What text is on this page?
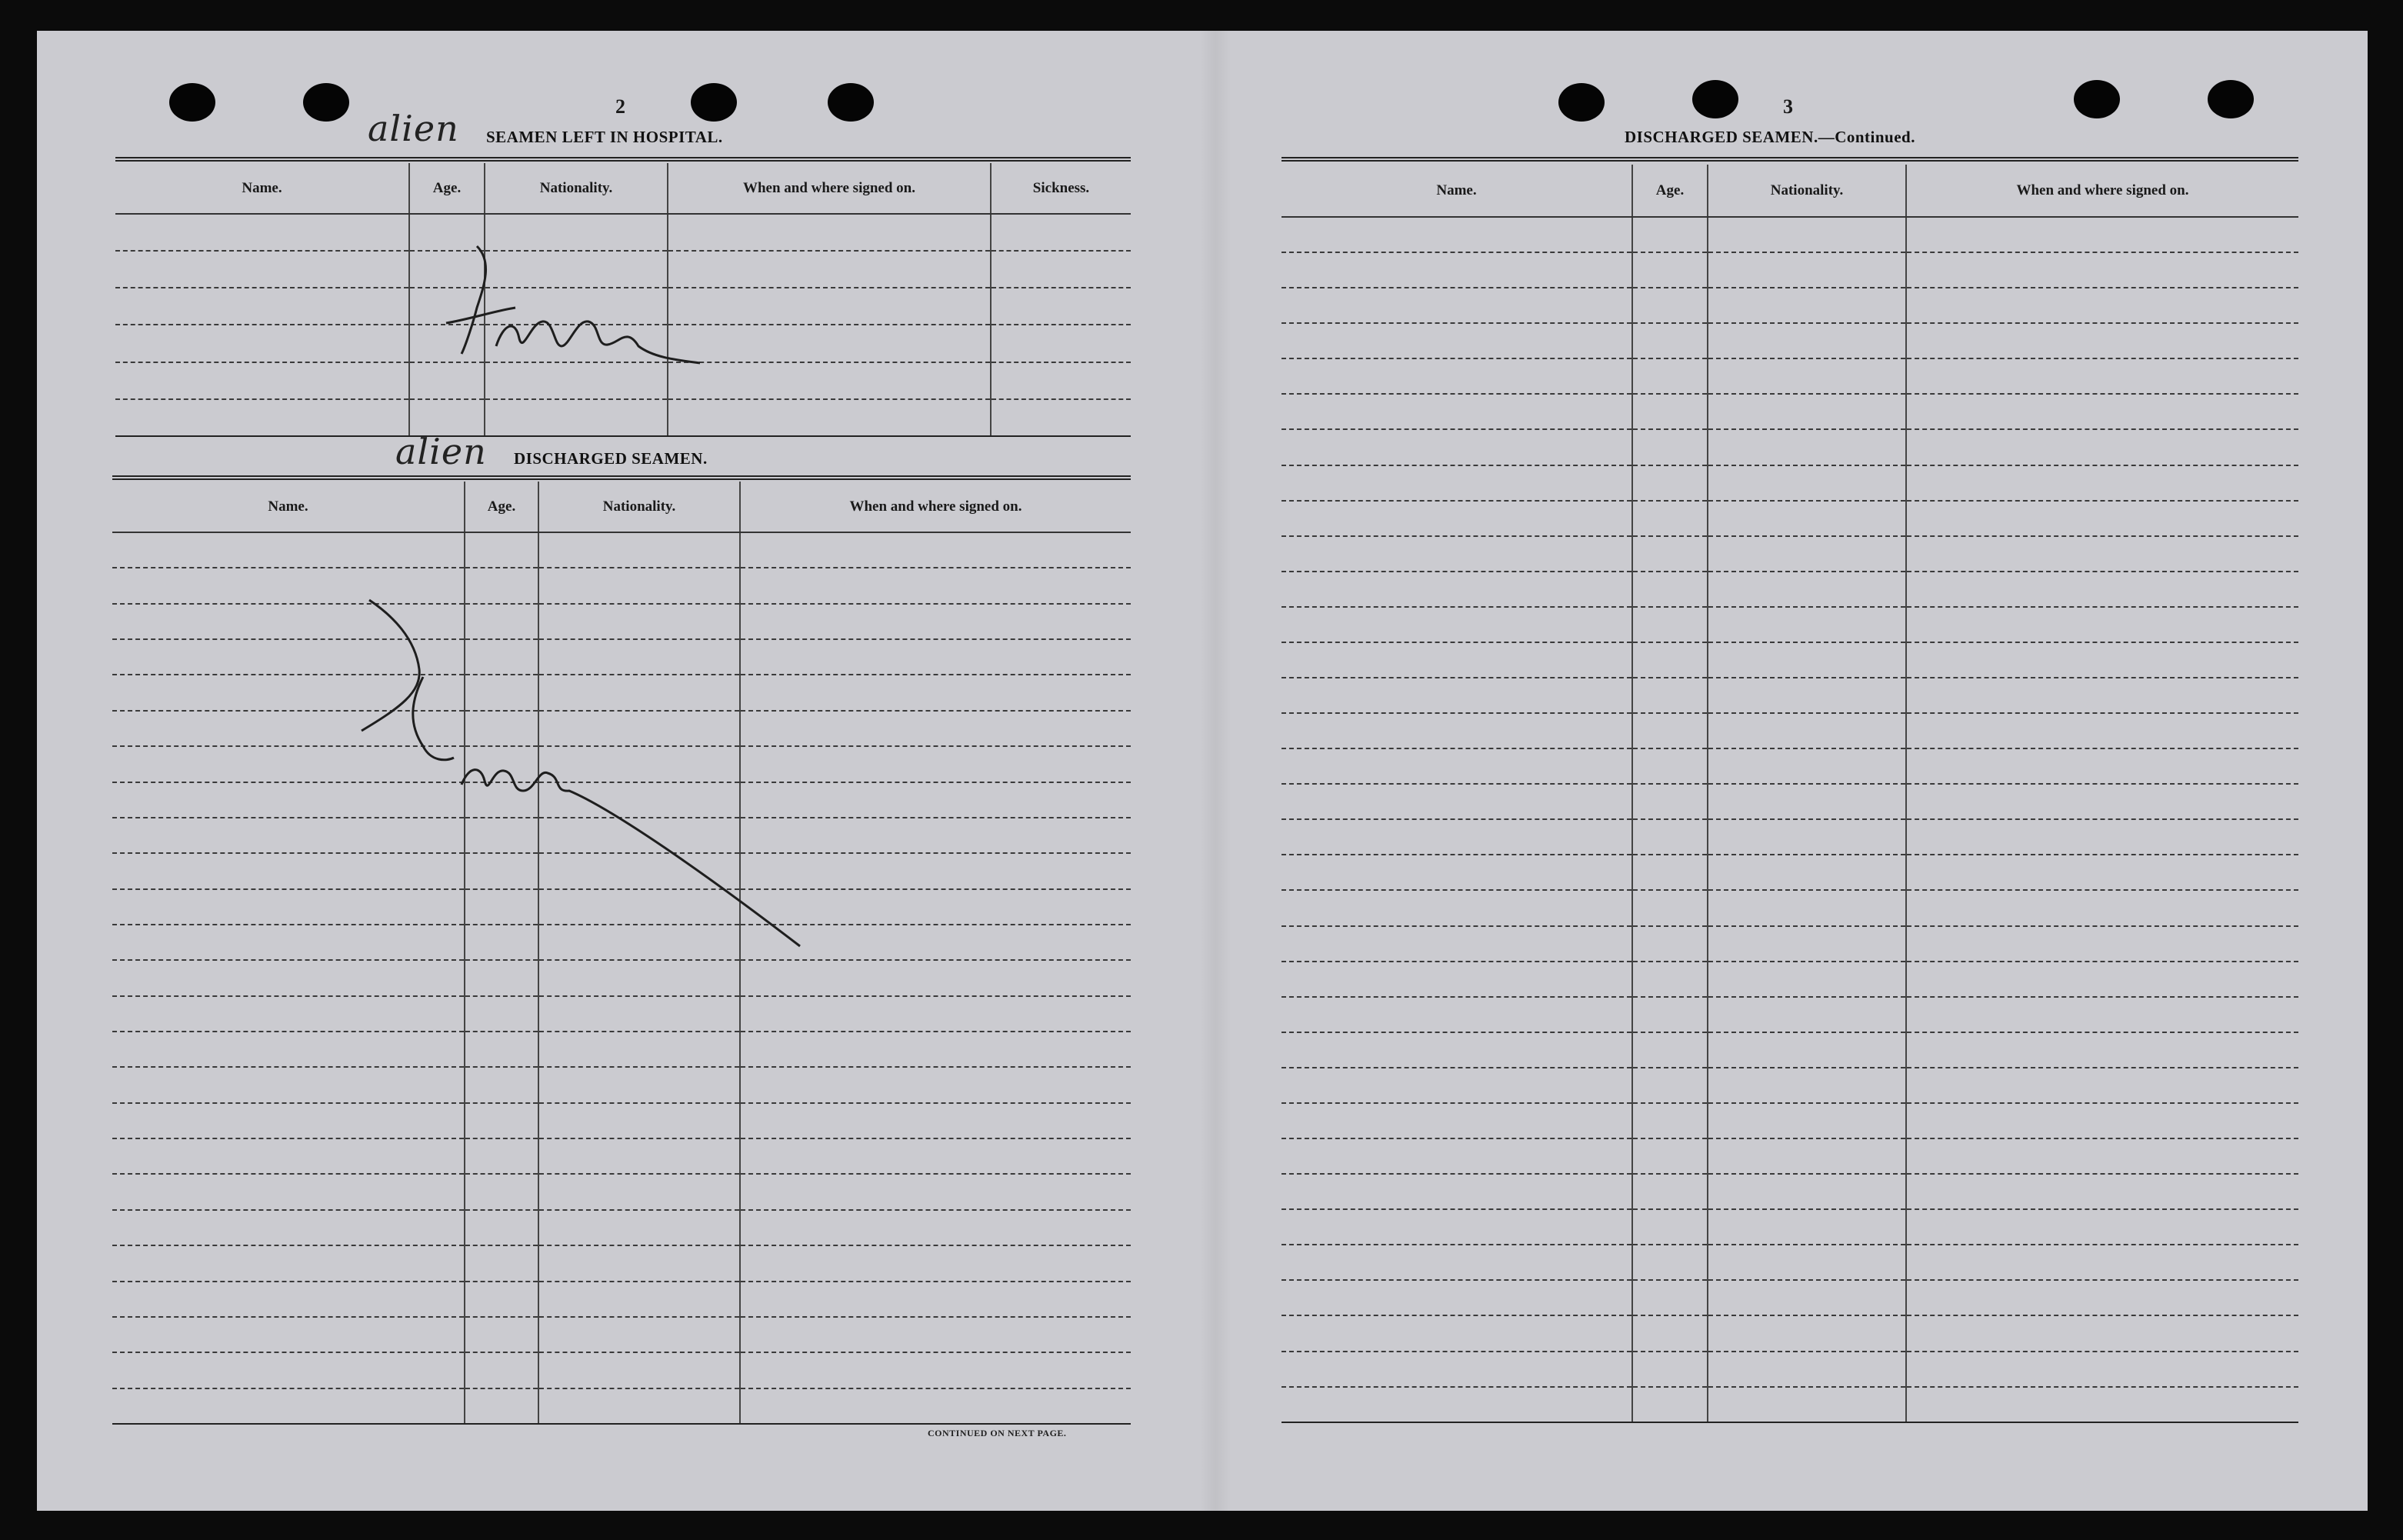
2
alien SEAMEN LEFT IN HOSPITAL.
Name.	Age.	Nationality.	When and where signed on.	Sickness.

None
alien DISCHARGED SEAMEN.
Name.	Age.	Nationality.	When and where signed on.

None
CONTINUED ON NEXT PAGE.
3
DISCHARGED SEAMEN.—Continued.
Name.	Age.	Nationality.	When and where signed on.
